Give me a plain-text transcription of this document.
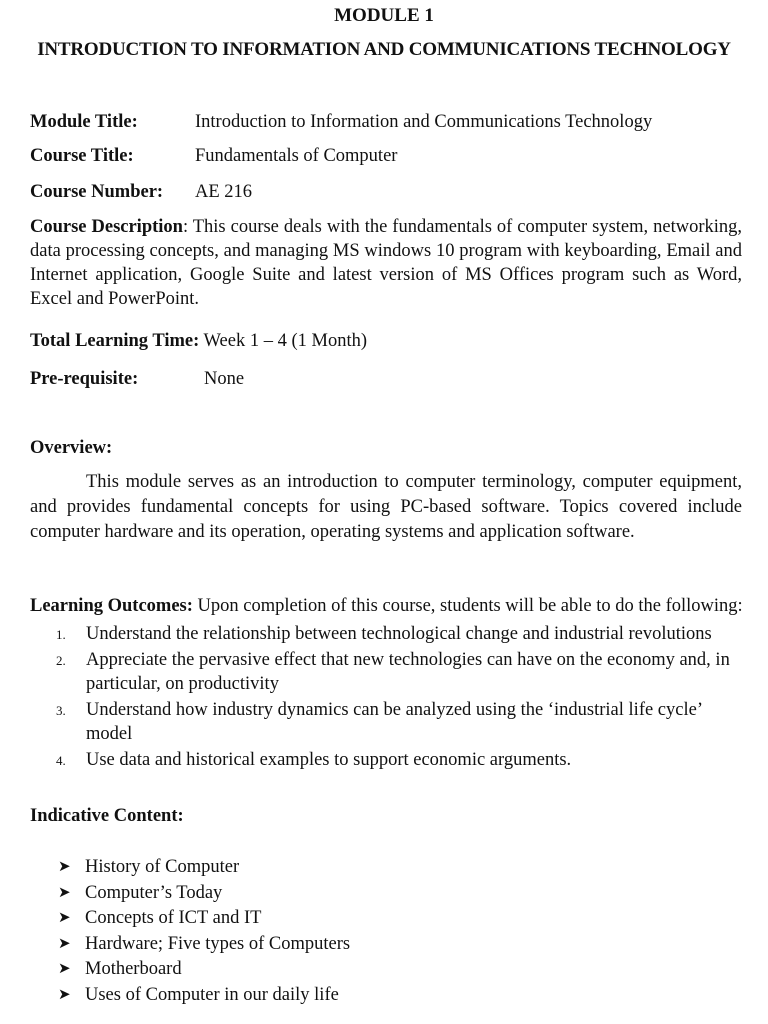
MODULE 1
INTRODUCTION TO INFORMATION AND COMMUNICATIONS TECHNOLOGY
Module Title:	Introduction to Information and Communications Technology
Course Title:	Fundamentals of Computer
Course Number: AE 216
Course Description: This course deals with the fundamentals of computer system, networking, data processing concepts, and managing MS windows 10 program with keyboarding, Email and Internet application, Google Suite and latest version of MS Offices program such as Word, Excel and PowerPoint.
Total Learning Time: Week 1 – 4 (1 Month)
Pre-requisite:	None
Overview:
This module serves as an introduction to computer terminology, computer equipment, and provides fundamental concepts for using PC-based software. Topics covered include computer hardware and its operation, operating systems and application software.
Learning Outcomes: Upon completion of this course, students will be able to do the following:
1. Understand the relationship between technological change and industrial revolutions
2. Appreciate the pervasive effect that new technologies can have on the economy and, in particular, on productivity
3. Understand how industry dynamics can be analyzed using the ‘industrial life cycle’ model
4. Use data and historical examples to support economic arguments.
Indicative Content:
➤ History of Computer
➤ Computer’s Today
➤ Concepts of ICT and IT
➤ Hardware; Five types of Computers
➤ Motherboard
➤ Uses of Computer in our daily life
